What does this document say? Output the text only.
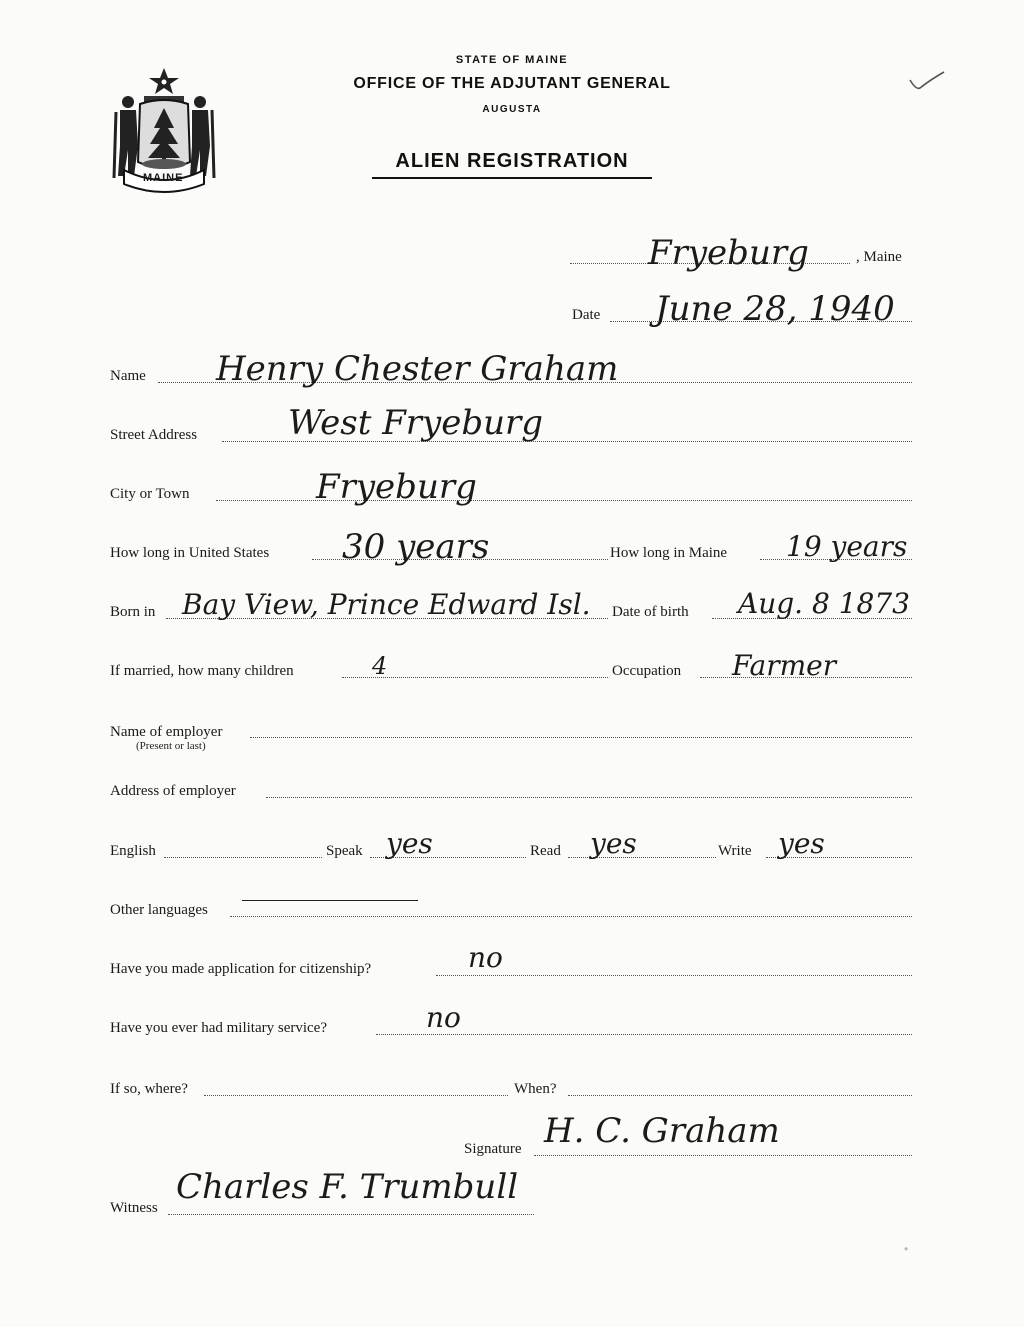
MAINE
STATE OF MAINE
OFFICE OF THE ADJUTANT GENERAL
AUGUSTA
ALIEN REGISTRATION
Fryeburg	, Maine
Date June 28, 1940
Name Henry Chester Graham
Street Address	West Fryeburg
City or Town	Fryeburg
How long in United States 30 years	How long in Maine 19 years
Born in Bay View, Prince Edward Isl. Date of birth Aug. 8 1873
If married, how many children	4	Occupation Farmer
Name of employer
(Present or last)
Address of employer
English	Speak yes	Read yes	Write yes
Other languages
Have you made application for citizenship?	no
Have you ever had military service?	no
If so, where?	When?
Signature H. C. Graham
Witness
Charles F. Trumbull
•
